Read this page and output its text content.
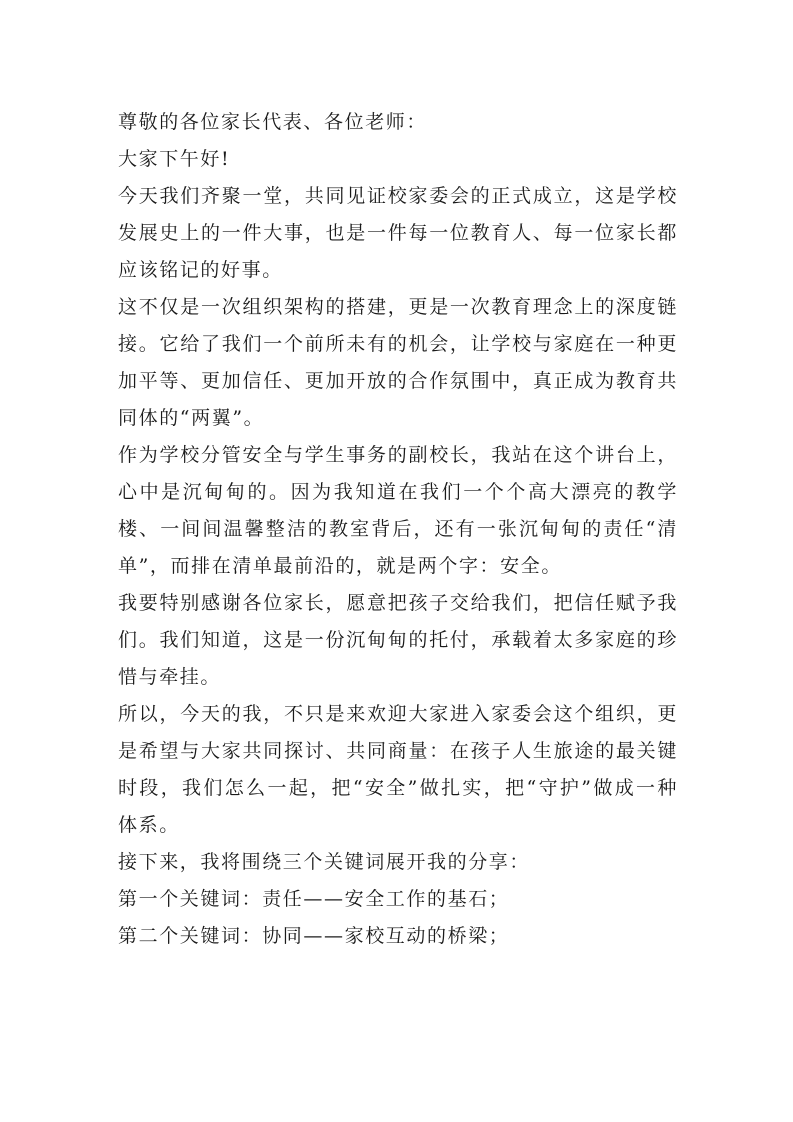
尊敬的各位家长代表、各位老师：

大家下午好!

今天我们齐聚一堂，共同见证校家委会的正式成立，这是学校发展史上的一件大事，也是一件每一位教育人、每一位家长都应该铭记的好事。

这不仅是一次组织架构的搭建，更是一次教育理念上的深度链接。它给了我们一个前所未有的机会，让学校与家庭在一种更加平等、更加信任、更加开放的合作氛围中，真正成为教育共同体的“两翼”。

作为学校分管安全与学生事务的副校长，我站在这个讲台上，心中是沉甸甸的。因为我知道在我们一个个高大漂亮的教学楼、一间间温馨整洁的教室背后，还有一张沉甸甸的责任“清单”，而排在清单最前沿的，就是两个字：安全。

我要特别感谢各位家长，愿意把孩子交给我们，把信任赋予我们。我们知道，这是一份沉甸甸的托付，承载着太多家庭的珍惜与牵挂。

所以，今天的我，不只是来欢迎大家进入家委会这个组织，更是希望与大家共同探讨、共同商量：在孩子人生旅途的最关键时段，我们怎么一起，把“安全”做扎实，把“守护”做成一种体系。

接下来，我将围绕三个关键词展开我的分享：

第一个关键词：责任——安全工作的基石；

第二个关键词：协同——家校互动的桥梁；
